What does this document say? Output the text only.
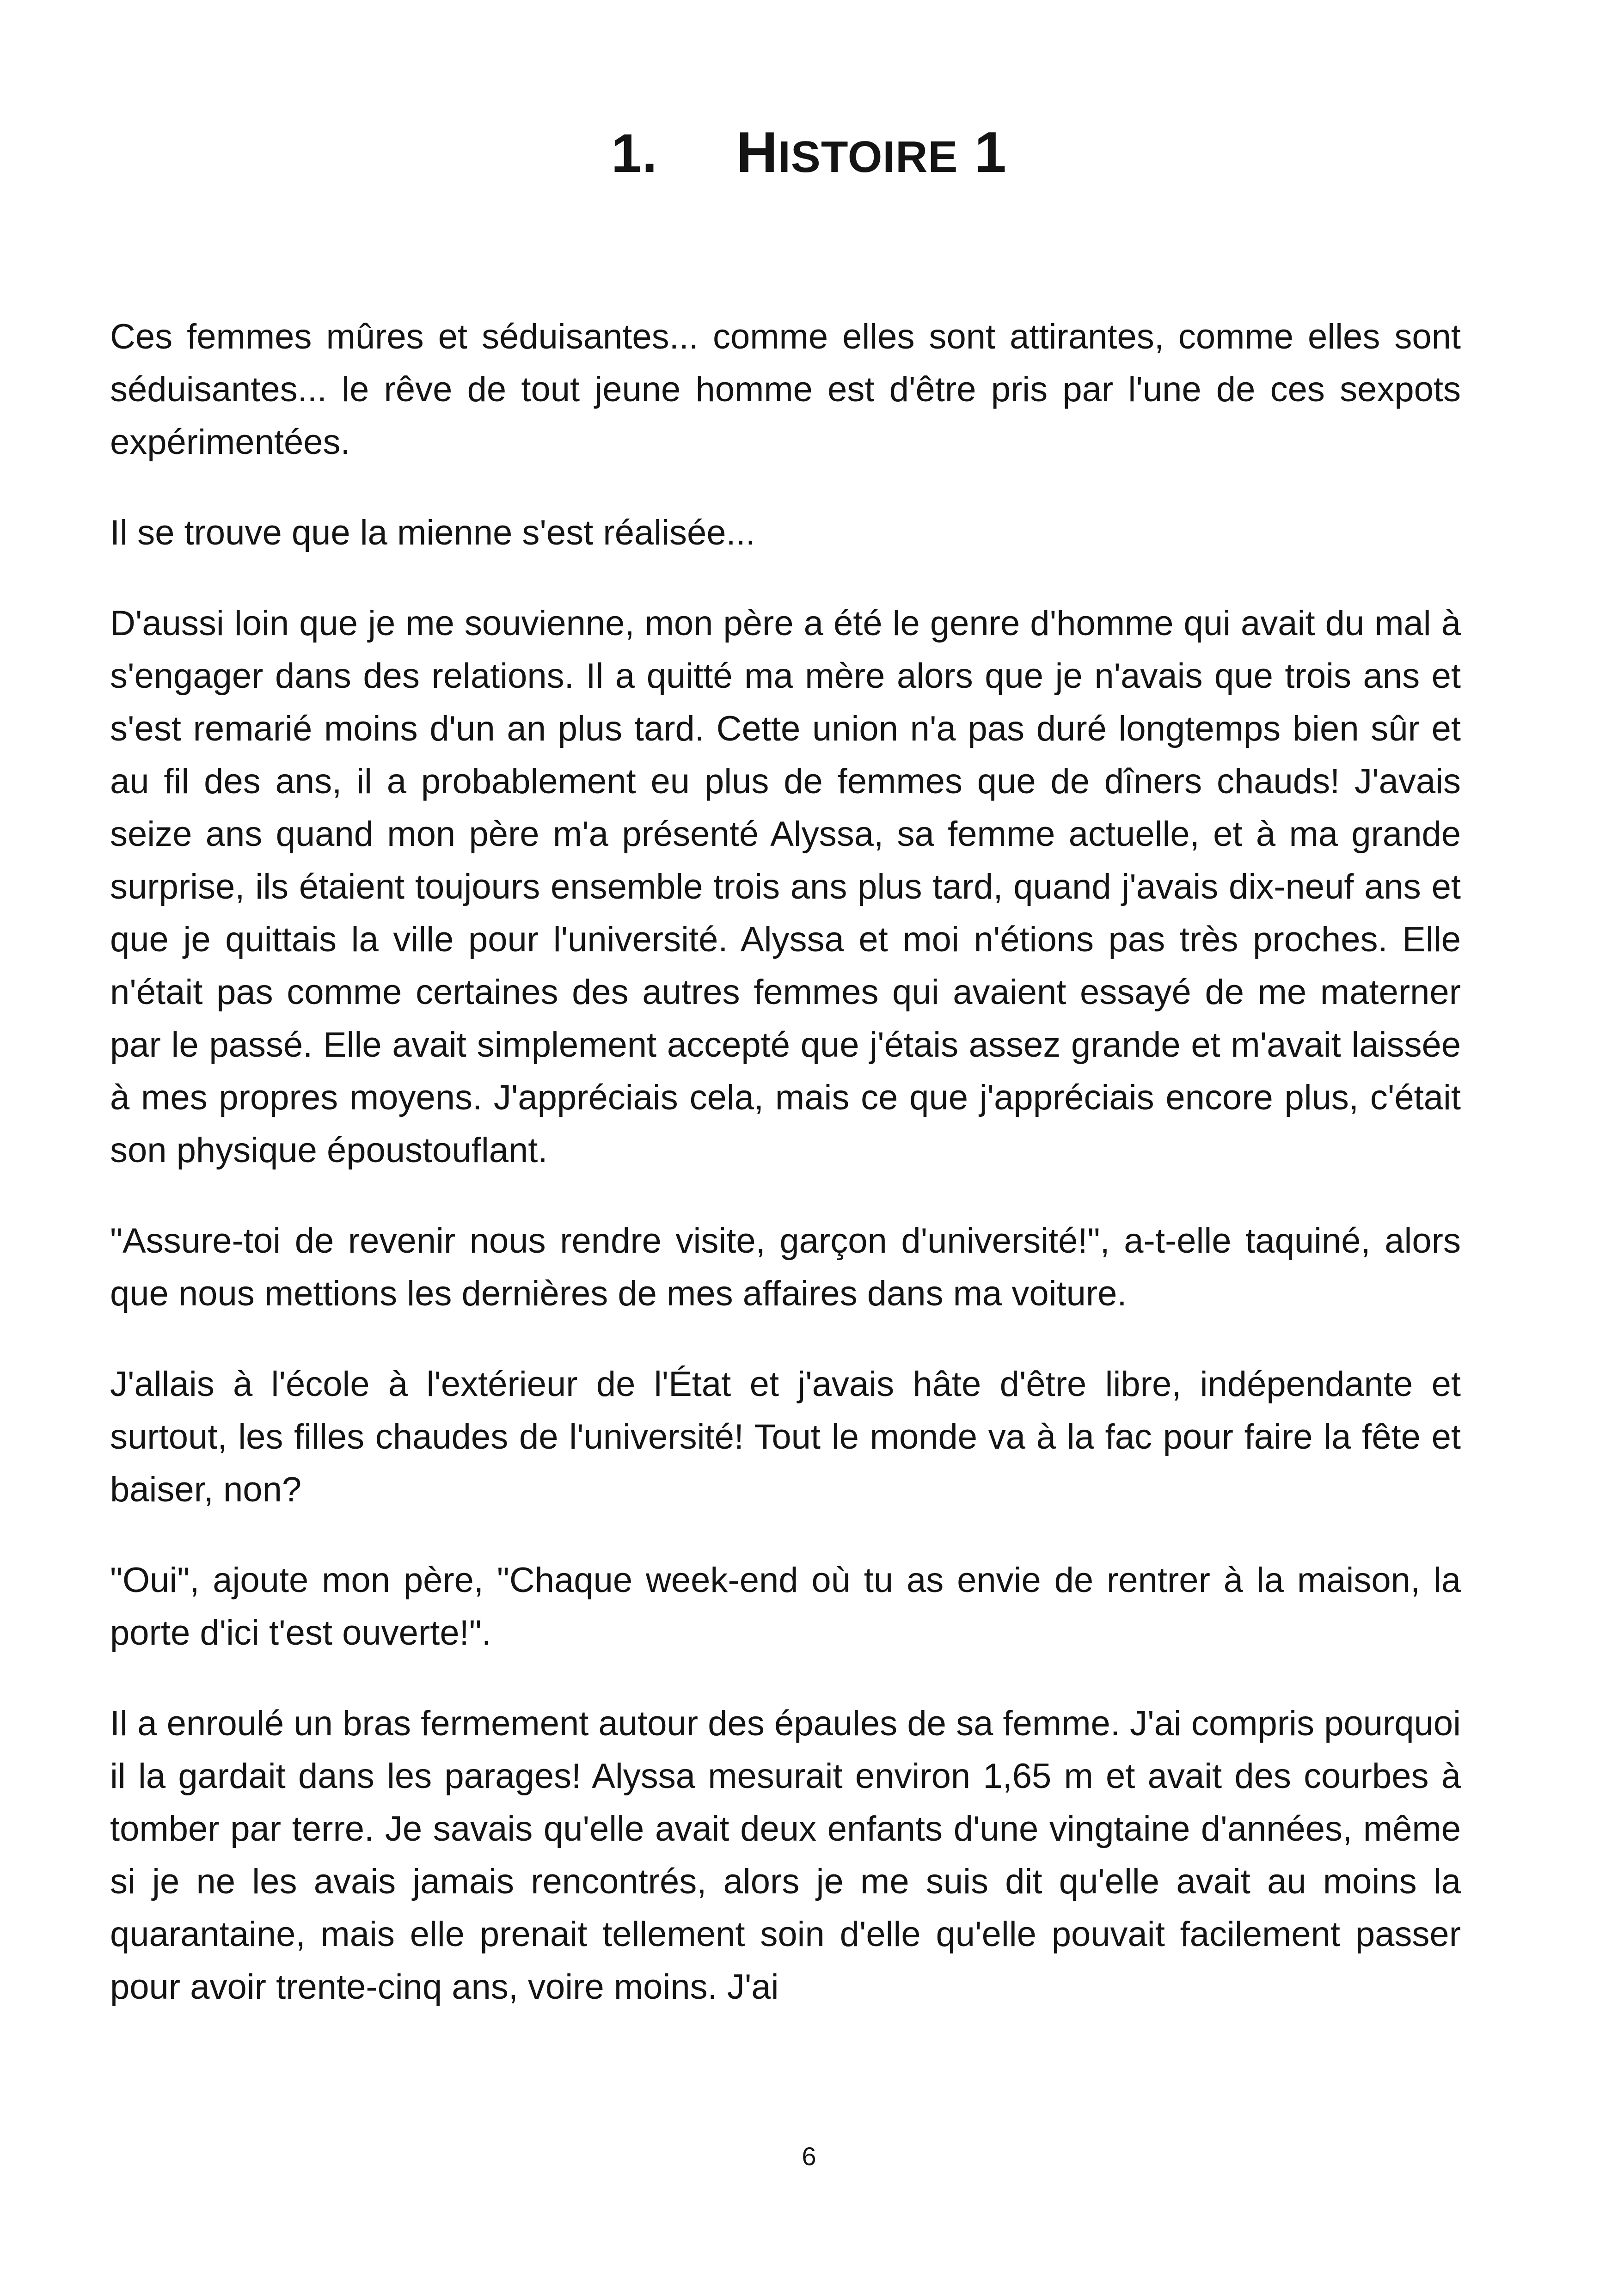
1. HISTOIRE 1

Ces femmes mûres et séduisantes... comme elles sont attirantes, comme elles sont séduisantes... le rêve de tout jeune homme est d'être pris par l'une de ces sexpots expérimentées.

Il se trouve que la mienne s'est réalisée...

D'aussi loin que je me souvienne, mon père a été le genre d'homme qui avait du mal à s'engager dans des relations. Il a quitté ma mère alors que je n'avais que trois ans et s'est remarié moins d'un an plus tard. Cette union n'a pas duré longtemps bien sûr et au fil des ans, il a probablement eu plus de femmes que de dîners chauds! J'avais seize ans quand mon père m'a présenté Alyssa, sa femme actuelle, et à ma grande surprise, ils étaient toujours ensemble trois ans plus tard, quand j'avais dix-neuf ans et que je quittais la ville pour l'université. Alyssa et moi n'étions pas très proches. Elle n'était pas comme certaines des autres femmes qui avaient essayé de me materner par le passé. Elle avait simplement accepté que j'étais assez grande et m'avait laissée à mes propres moyens. J'appréciais cela, mais ce que j'appréciais encore plus, c'était son physique époustouflant.

"Assure-toi de revenir nous rendre visite, garçon d'université!", a-t-elle taquiné, alors que nous mettions les dernières de mes affaires dans ma voiture.

J'allais à l'école à l'extérieur de l'État et j'avais hâte d'être libre, indépendante et surtout, les filles chaudes de l'université! Tout le monde va à la fac pour faire la fête et baiser, non?

"Oui", ajoute mon père, "Chaque week-end où tu as envie de rentrer à la maison, la porte d'ici t'est ouverte!".

Il a enroulé un bras fermement autour des épaules de sa femme. J'ai compris pourquoi il la gardait dans les parages! Alyssa mesurait environ 1,65 m et avait des courbes à tomber par terre. Je savais qu'elle avait deux enfants d'une vingtaine d'années, même si je ne les avais jamais rencontrés, alors je me suis dit qu'elle avait au moins la quarantaine, mais elle prenait tellement soin d'elle qu'elle pouvait facilement passer pour avoir trente-cinq ans, voire moins. J'ai

6
